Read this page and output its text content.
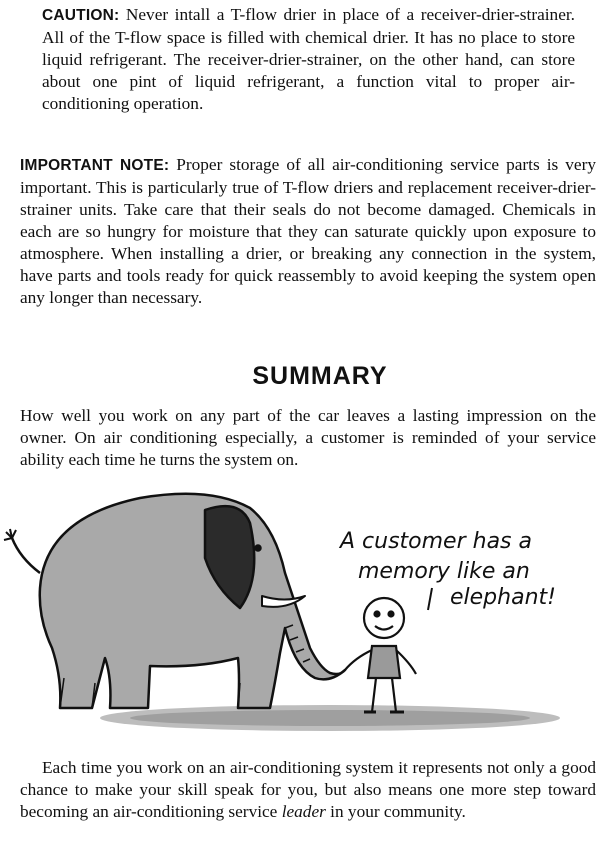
CAUTION: Never intall a T-flow drier in place of a receiver-drier-strainer. All of the T-flow space is filled with chemical drier. It has no place to store liquid refrigerant. The receiver-drier-strainer, on the other hand, can store about one pint of liquid refrigerant, a function vital to proper air-conditioning operation.

IMPORTANT NOTE: Proper storage of all air-conditioning service parts is very important. This is particularly true of T-flow driers and replacement receiver-drier-strainer units. Take care that their seals do not become damaged. Chemicals in each are so hungry for moisture that they can saturate quickly upon exposure to atmosphere. When installing a drier, or breaking any connection in the system, have parts and tools ready for quick reassembly to avoid keeping the system open any longer than necessary.

SUMMARY

How well you work on any part of the car leaves a lasting impression on the owner. On air conditioning especially, a customer is reminded of your service ability each time he turns the system on.

A customer has a
memory like an
elephant!

Each time you work on an air-conditioning system it represents not only a good chance to make your skill speak for you, but also means one more step toward becoming an air-conditioning service leader in your community.
